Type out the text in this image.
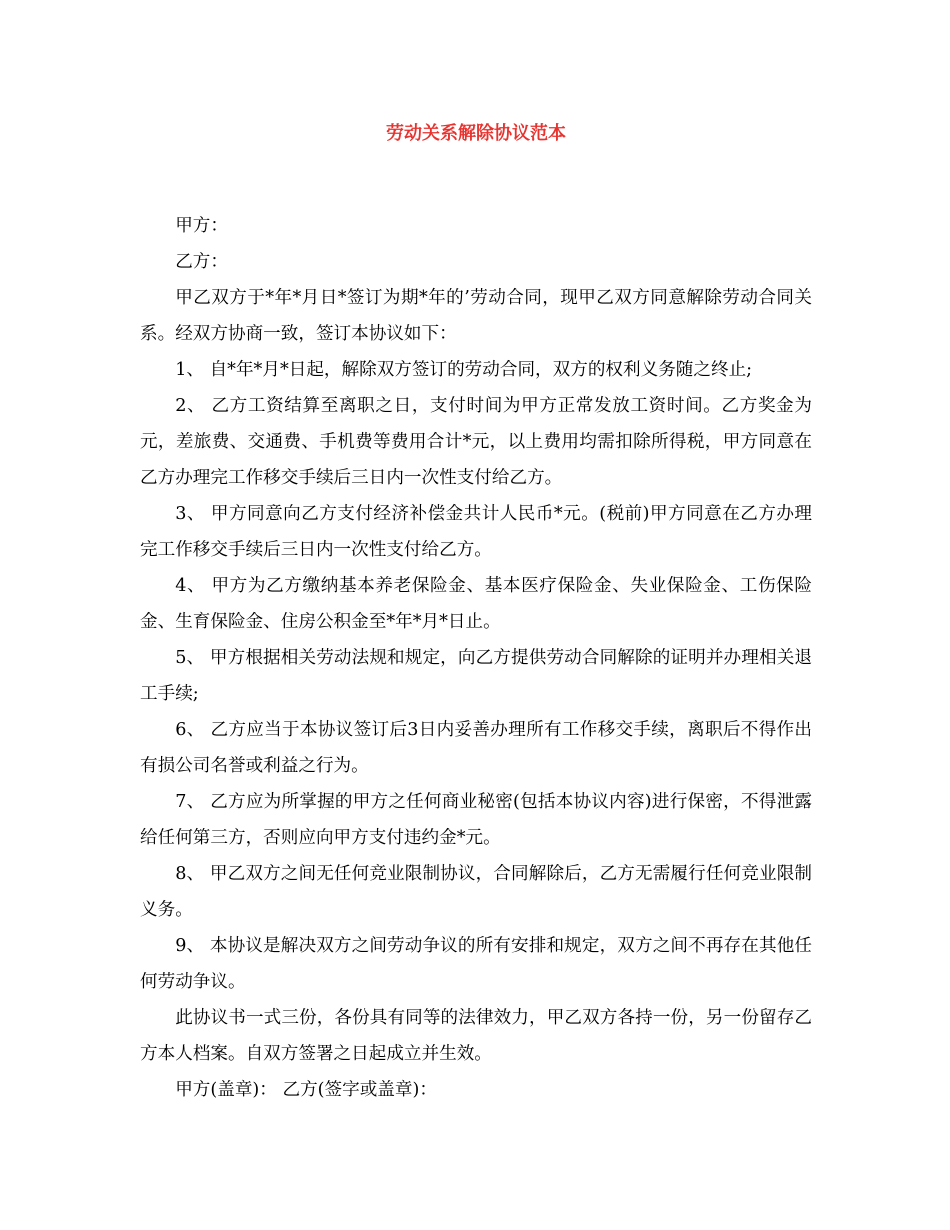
劳动关系解除协议范本

甲方：

乙方：

甲乙双方于*年*月日*签订为期*年的’劳动合同，现甲乙双方同意解除劳动合同关系。经双方协商一致，签订本协议如下：

1、 自*年*月*日起，解除双方签订的劳动合同，双方的权利义务随之终止;

2、 乙方工资结算至离职之日，支付时间为甲方正常发放工资时间。乙方奖金为元，差旅费、交通费、手机费等费用合计*元，以上费用均需扣除所得税，甲方同意在乙方办理完工作移交手续后三日内一次性支付给乙方。

3、 甲方同意向乙方支付经济补偿金共计人民币*元。(税前)甲方同意在乙方办理完工作移交手续后三日内一次性支付给乙方。

4、 甲方为乙方缴纳基本养老保险金、基本医疗保险金、失业保险金、工伤保险金、生育保险金、住房公积金至*年*月*日止。

5、 甲方根据相关劳动法规和规定，向乙方提供劳动合同解除的证明并办理相关退工手续;

6、 乙方应当于本协议签订后3日内妥善办理所有工作移交手续，离职后不得作出有损公司名誉或利益之行为。

7、 乙方应为所掌握的甲方之任何商业秘密(包括本协议内容)进行保密，不得泄露给任何第三方，否则应向甲方支付违约金*元。

8、 甲乙双方之间无任何竞业限制协议，合同解除后，乙方无需履行任何竞业限制义务。

9、 本协议是解决双方之间劳动争议的所有安排和规定，双方之间不再存在其他任何劳动争议。

此协议书一式三份，各份具有同等的法律效力，甲乙双方各持一份，另一份留存乙方本人档案。自双方签署之日起成立并生效。

甲方(盖章)： 乙方(签字或盖章)：
